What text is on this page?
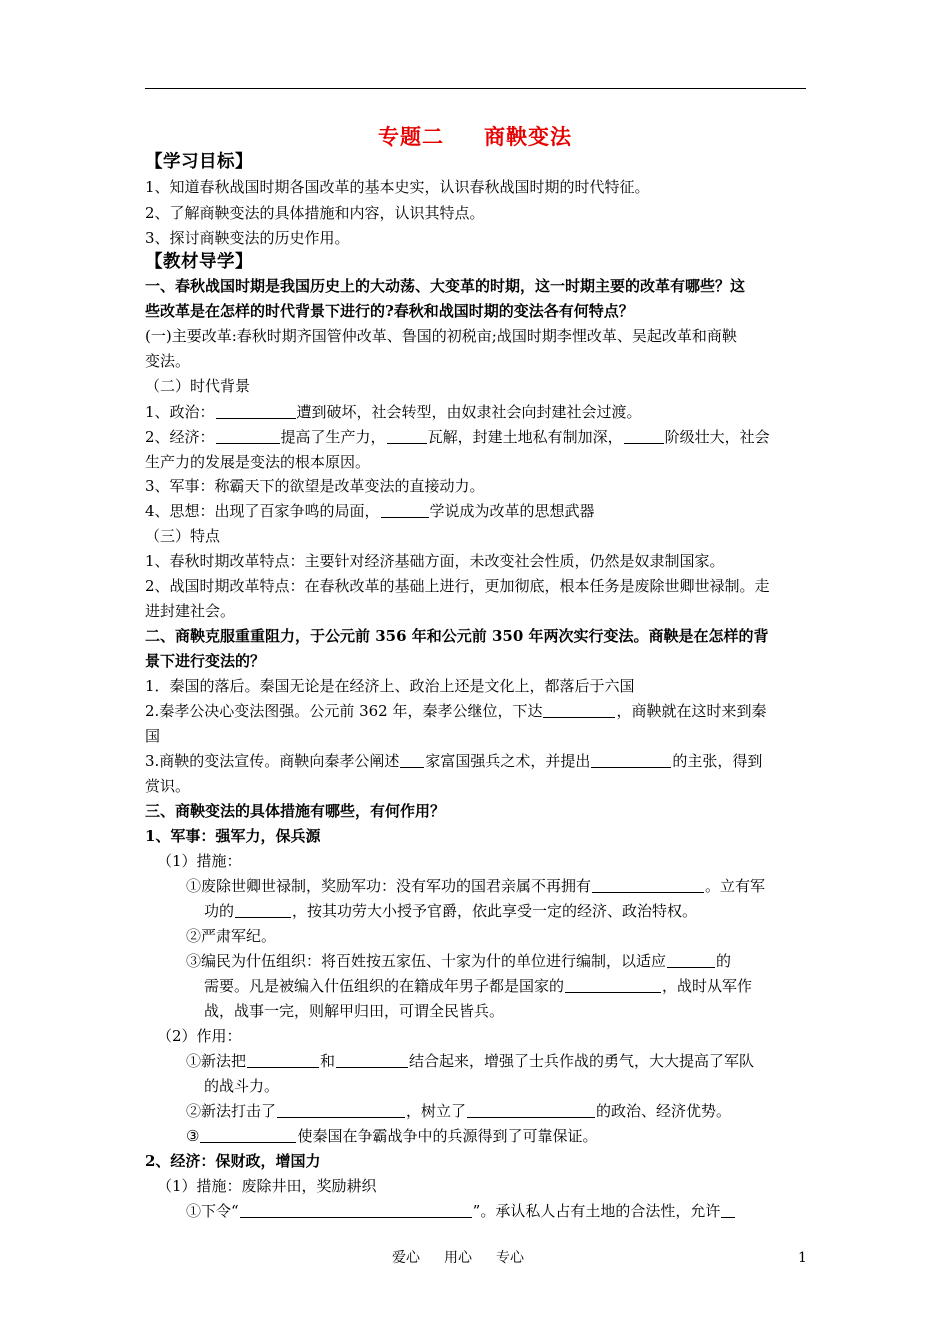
专题二 商鞅变法
【学习目标】
1、知道春秋战国时期各国改革的基本史实，认识春秋战国时期的时代特征。
2、了解商鞅变法的具体措施和内容，认识其特点。
3、探讨商鞅变法的历史作用。
【教材导学】
一、春秋战国时期是我国历史上的大动荡、大变革的时期，这一时期主要的改革有哪些？这
些改革是在怎样的时代背景下进行的?春秋和战国时期的变法各有何特点？
(一)主要改革:春秋时期齐国管仲改革、鲁国的初税亩;战国时期李悝改革、吴起改革和商鞅
变法。
（二）时代背景
1、政治：	遭到破坏，社会转型，由奴隶社会向封建社会过渡。
2、经济：	提高了生产力，	瓦解，封建土地私有制加深，	阶级壮大，社会
生产力的发展是变法的根本原因。
3、军事：称霸天下的欲望是改革变法的直接动力。
4、思想：出现了百家争鸣的局面，	学说成为改革的思想武器
（三）特点
1、春秋时期改革特点：主要针对经济基础方面，未改变社会性质，仍然是奴隶制国家。
2、战国时期改革特点：在春秋改革的基础上进行，更加彻底，根本任务是废除世卿世禄制。走
进封建社会。
二、商鞅克服重重阻力，于公元前 356 年和公元前 350 年两次实行变法。商鞅是在怎样的背
景下进行变法的？
1．秦国的落后。秦国无论是在经济上、政治上还是文化上，都落后于六国
2.秦孝公决心变法图强。公元前 362 年，秦孝公继位，下达	，商鞅就在这时来到秦
国
3.商鞅的变法宣传。商鞅向秦孝公阐述 家富国强兵之术，并提出	的主张，得到
赏识。
三、商鞅变法的具体措施有哪些，有何作用？
1、军事：强军力，保兵源
（1）措施：
①废除世卿世禄制，奖励军功：没有军功的国君亲属不再拥有	。立有军
功的	，按其功劳大小授予官爵，依此享受一定的经济、政治特权。
②严肃军纪。
③编民为什伍组织：将百姓按五家伍、十家为什的单位进行编制，以适应	的
需要。凡是被编入什伍组织的在籍成年男子都是国家的	，战时从军作
战，战事一完，则解甲归田，可谓全民皆兵。
（2）作用：
①新法把	和	结合起来，增强了士兵作战的勇气，大大提高了军队
的战斗力。
②新法打击了	，树立了	的政治、经济优势。
③	使秦国在争霸战争中的兵源得到了可靠保证。
2、经济：保财政，增国力
（1）措施：废除井田，奖励耕织
①下令“	”。承认私人占有土地的合法性，允许
爱心 用心 专心	1
